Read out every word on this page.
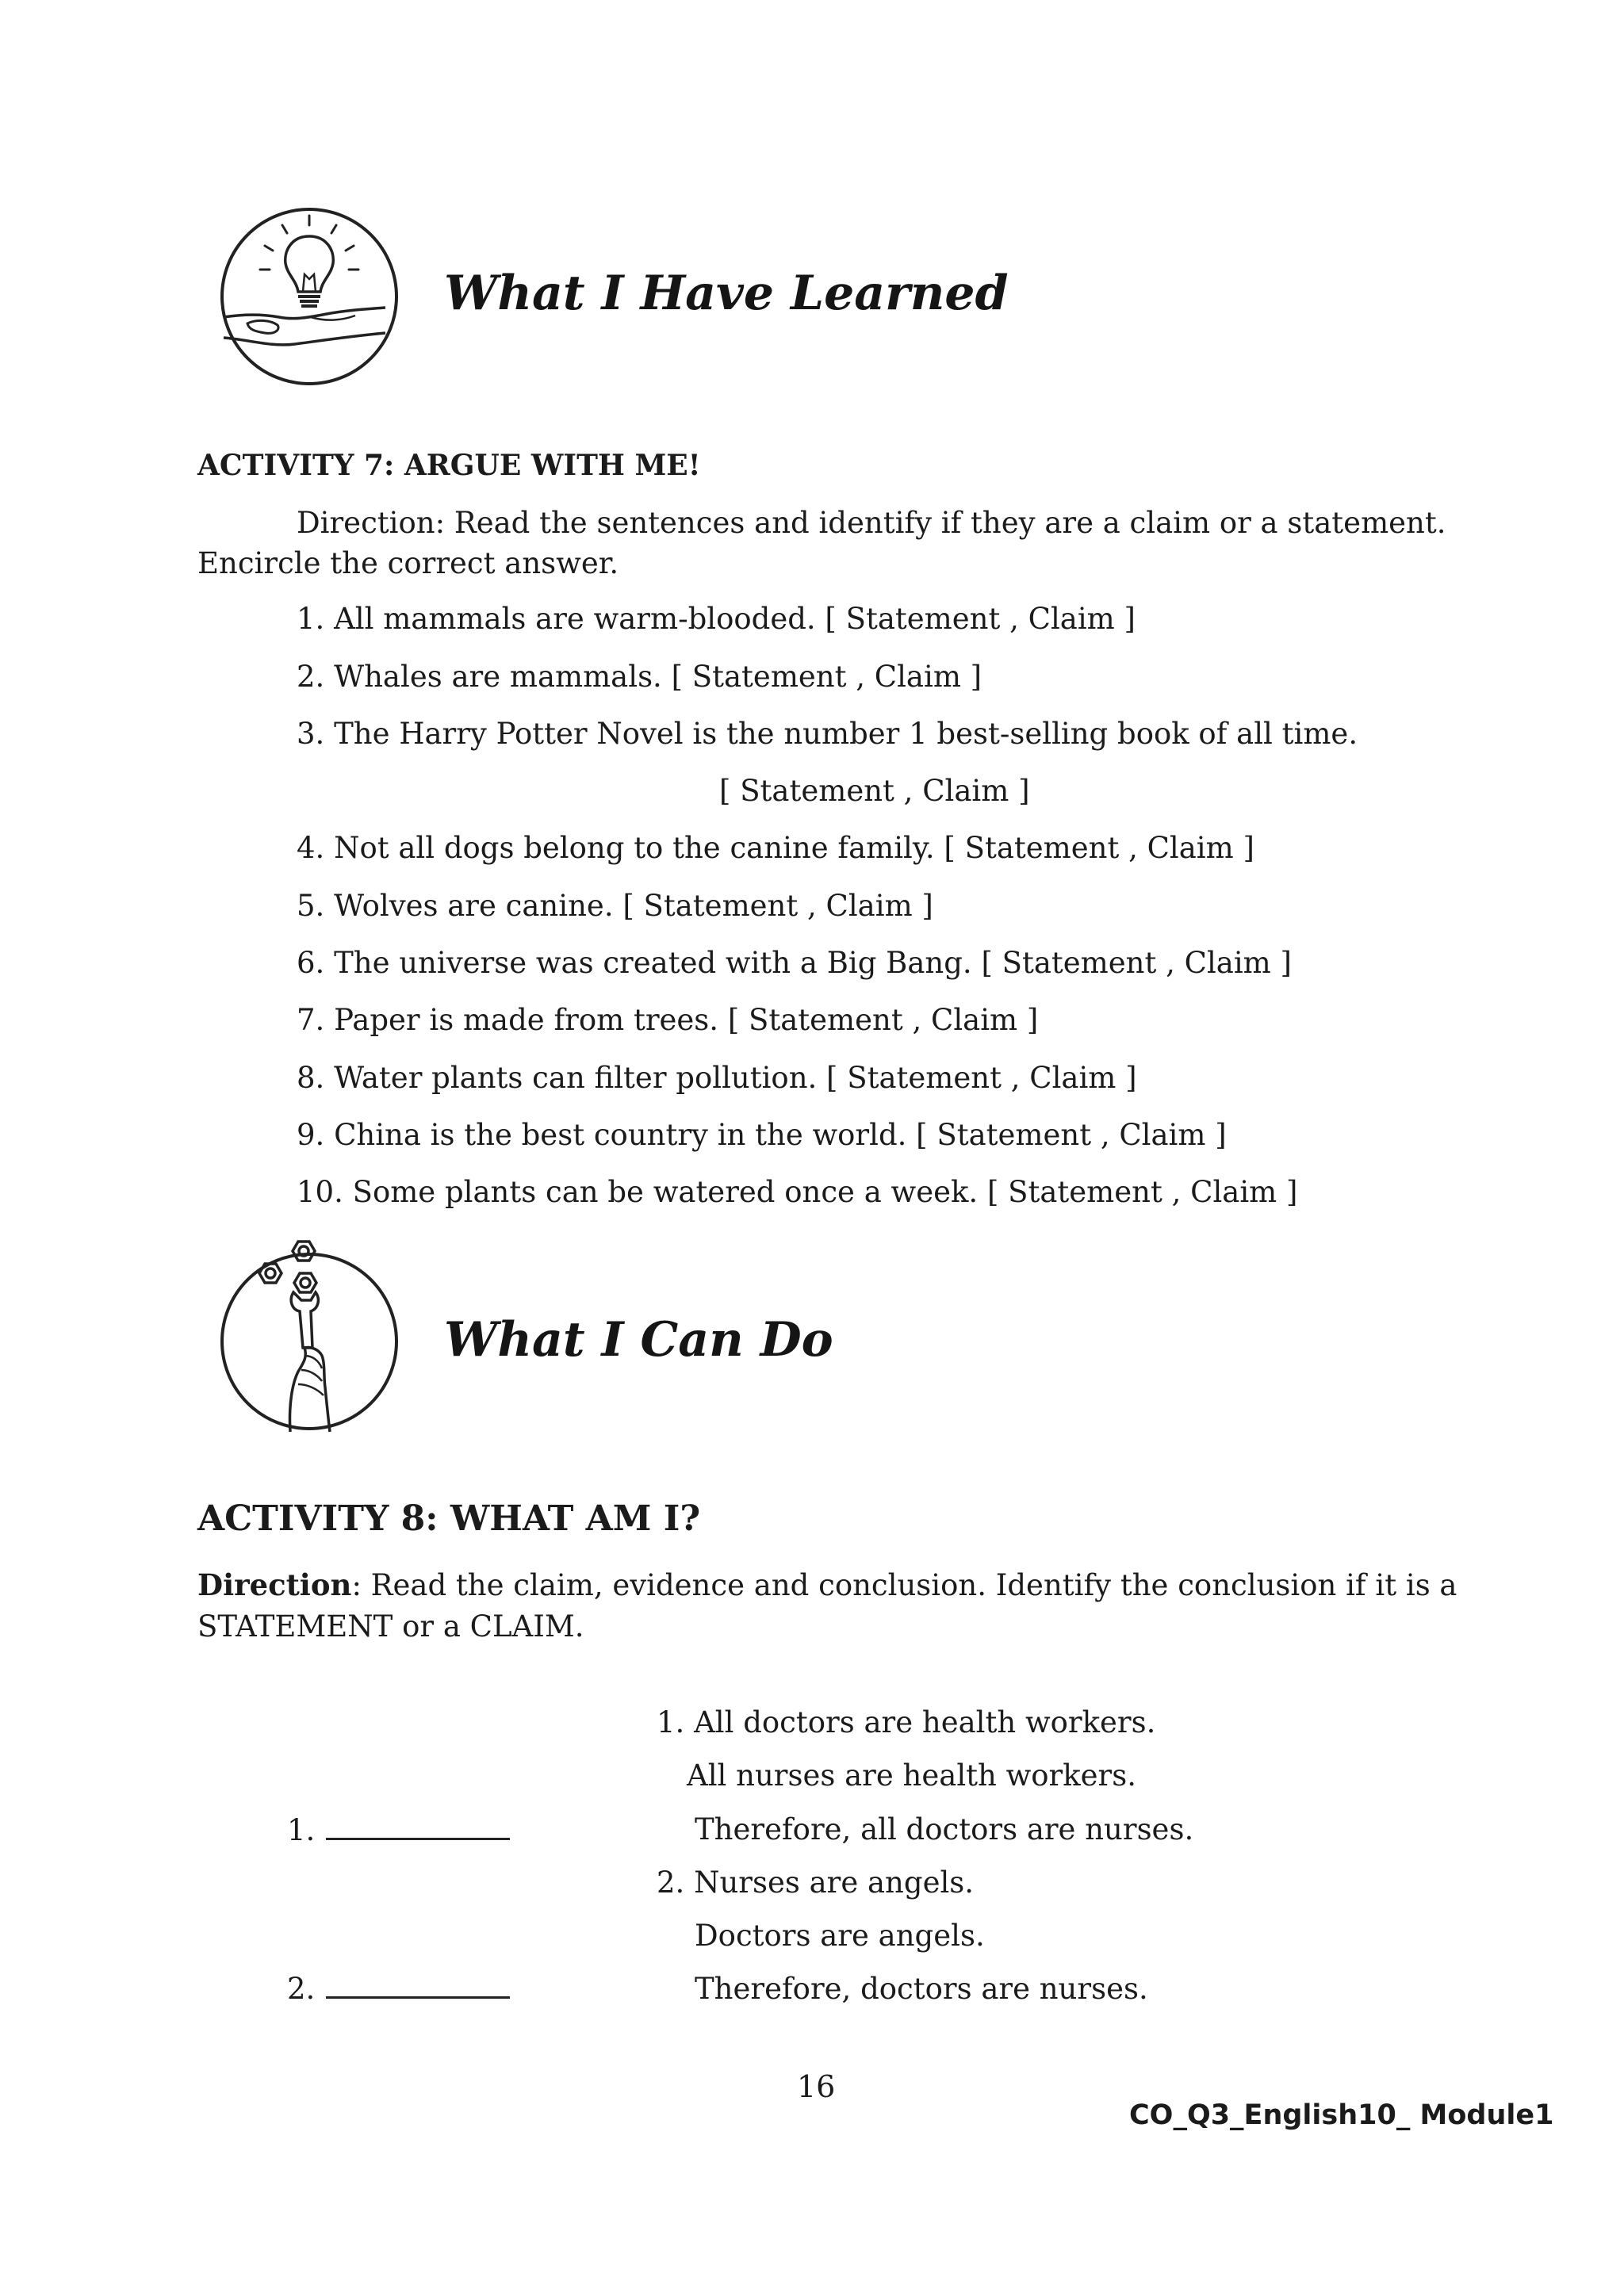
What I Have Learned
ACTIVITY 7: ARGUE WITH ME!
Direction: Read the sentences and identify if they are a claim or a statement.
Encircle the correct answer.
1. All mammals are warm-blooded. [ Statement , Claim ]
2. Whales are mammals. [ Statement , Claim ]
3. The Harry Potter Novel is the number 1 best-selling book of all time.
[ Statement , Claim ]
4. Not all dogs belong to the canine family. [ Statement , Claim ]
5. Wolves are canine. [ Statement , Claim ]
6. The universe was created with a Big Bang. [ Statement , Claim ]
7. Paper is made from trees. [ Statement , Claim ]
8. Water plants can filter pollution. [ Statement , Claim ]
9. China is the best country in the world. [ Statement , Claim ]
10. Some plants can be watered once a week. [ Statement , Claim ]
What I Can Do
ACTIVITY 8: WHAT AM I?
Direction: Read the claim, evidence and conclusion. Identify the conclusion if it is a
STATEMENT or a CLAIM.
1.
2.
1. All doctors are health workers.
All nurses are health workers.
Therefore, all doctors are nurses.
2. Nurses are angels.
Doctors are angels.
Therefore, doctors are nurses.
16
CO_Q3_English10_ Module1
